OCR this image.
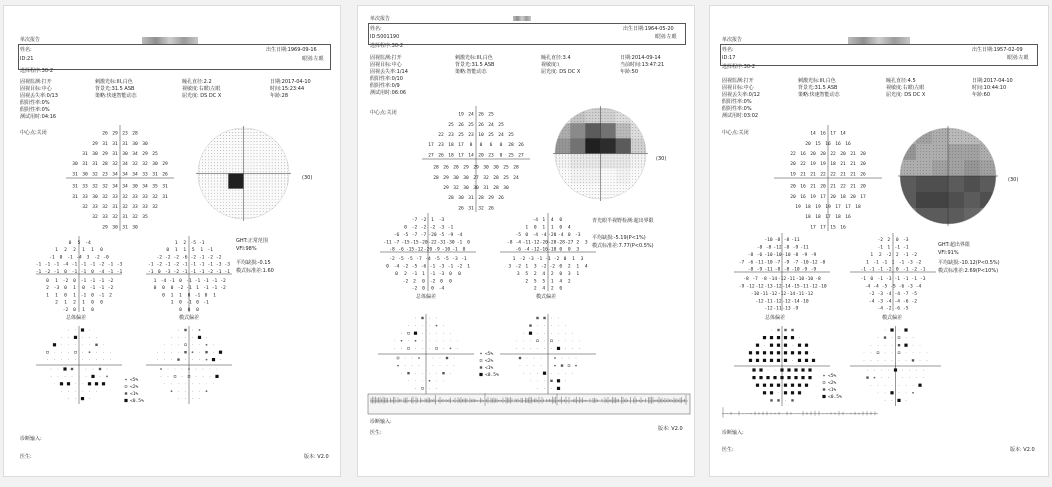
单次报告
姓名:
ID:21
出生日期:1969-09-16
眼别:左眼
选择程序:30-2
固视监测:打开
固视目标:中心
固视丢失率:0/13
假阳性率:0%
假阴性率:0%
测试用时:04:16
刺激光标:III,白色
背景光:31.5 ASB
策略:快速智能动态
瞳孔直径:2.2
视敏度:右眼\左眼
屈光度: DS DC X
日期:2017-04-10
时间:15:23:44
年龄:28
中心点:关闭	26 29 23 28
29 31 31 31 30 30
31 30 29 31 30 34 29 25
30 31 31 28 32 34 32 32 30 29
31 30 32 23 34 34 34 33 31 26
31 33 32 32 34 34 30 34 35 31
31 33 30 32 33 32 33 33 32 31
32 33 32 31 32 33 33 32
32 33 32 31 32 35
29 30 31 30
(30)
0 5 -4
1 2 2 1 1 0
-1 0 -1 -4 3 -2 -0
-1 -1 -1 -4 -1 -1 -1 -2 -1 -3
-1 -2 -1 0 -1 -1 0 -4 -1 -1
0 1 -2 0 -1 -1 -1 -2
2 -3 0 1 0 -1 -1 -2
1 1 0 1 -1 0 -1 2
2 1 2 1 0 0
-2 0 1 0
总体偏差
1 2 -5 -1
0 1 1 5 1 -1
-2 -2 -2 -6 -2 -1 -2 -2
-1 -2 -1 -2 -1 -1 -1 -1 -3 -3
-1 0 -3 -2 -1 -1 -1 -2 -1 -1
1 -4 -1 0 -1 -1 -1 -1 -2
0 0 0 -2 -1 1 -1 -1 -2
0 1 1 0 -1 0 1
1 0 -1 0 -1
0 0 0
模式偏差
GHT:正常范围
VFI:98%
平均缺损:-0.15
模式标准差:1.60
<5%
<2%
<1%
<0.5%
诊断输入:
医生:	版本: V2.0
单次报告
姓名:
ID:5001190
出生日期:1964-05-20
眼别:左眼
选择程序:30-2
固视监测:打开
固视目标:中心
固视丢失率:1/14
假阳性率:0/10
假阴性率:0/9
测试用时:06:06
刺激光标:III,白色
背景光:31.5 ASB
策略:智能动态
瞳孔直径:3.4
视敏度:\
屈光度: DS DC X
日期:2014-09-14
当前时间:13:47:21
年龄:50
中心点:关闭	19 24 26 25
25 26 25 26 24 25
22 23 25 23 10 25 24 25
17 23 18 17 8 0 6 0 28 26
27 26 18 17 14 20 23 0 25 27
28 26 28 29 29 30 30 25 28
28 29 30 30 27 32 28 25 24
29 32 30 30 31 28 30
28 30 31 28 29 26
26 31 32 26
(30)
-7 -2 1 -3
0 -2 -2 -2 -3 -1
-6 -5 -7 -7 -20 -5 -9 -4
-11 -7 -15 -15 -20 -22 -31 -30 -1 0
-8 -6 -15 -12 -20 -9 -10 -1 0
-2 -5 -5 -7 -4 -5 -5 -3 -1
0 -4 -2 -5 -6 -1 -3 -1 -2 1
0 2 -1 1 -1 -3 0 0
-2 2 0 -2 0 0
-2 0 0 -4
总体偏差
-4 1 4 0
1 0 1 1 0 4
-5 0 -4 -4 -20 -4 0 -3
-8 -4 -11 -12 -20 -28 -28 -27 2 3
-6 -4 -12 -16 -10 0 0 3
1 -2 -3 -1 -1 -2 0 1 3
3 -2 1 3 -2 -2 0 2 1 4
3 5 2 4 2 0 3 1
2 5 5 1 4 2
2 4 2 0
模式偏差
青光眼半视野检测:超出界限
平均缺损:-5.19(P<1%)
模式标准差:7.77(P<0.5%)
<5%
<2%
<1%
<0.5%
诊断输入:
医生:
版本: V2.0
单次报告
姓名:
ID:17
出生日期:1957-02-09
眼别:左眼
选择程序:30-2
固视监测:打开
固视目标:中心
固视丢失率:0/12
假阳性率:0%
假阴性率:0%
测试用时:03:02
刺激光标:III,白色
背景光:31.5 ASB
策略:快速智能动态
瞳孔直径:4.5
视敏度:右眼\左眼
屈光度: DS DC X
日期:2017-04-10
时间:10:44:10
年龄:60
中心点:关闭	14 16 17 14
20 15 16 16 16
22 16 20 20 22 20 21 20
20 22 19 19 18 21 21 20
19 21 21 22 22 21 21 26
20 16 21 20 21 22 21 20
20 16 19 17 20 18 20 17
19 18 19 19 17 17 18
18 18 17 18 16
17 17 15 16
(30)
-10 -8 -8 -11
-8 -8 -12 -8 -9 -11
-8 -6 -10 -10 -10 -8 -9 -9
-7 -6 -11 -10 -7 -9 -7 -10 -12 -8
-8 -9 -11 -8 -8 -10 -9 -9
-8 -7 -8 -14 -12 -11 -10 -10 -8
-9 -12 -12 -13 -12 -14 -15 -11 -12 -10
-10 -11 -12 -12 -14 -11 -12
-12 -11 -12 -12 -14 -10
-12 -11 -13 -9
总体偏差
-2 2 0 -3
-1 1 -1 -1
1 2 -2 2 -1 -2
1 -1 -1 1 -1 -3 -2
-1 -1 -1 -2 0 -1 -2 -1
-1 0 -1 -3 -1 -1 -1 -3
-4 -4 -5 -5 -6 -3 -4
-2 -3 -4 -4 -7 -5
-4 -3 -4 -4 -6 -2
-4 -2 -6 -5
模式偏差
GHT:超出界限
VFI:91%
平均缺损:-10.12(P<0.5%)
模式标准差:2.69(P<10%)
<5%
<2%
<1%
<0.5%
诊断输入:
医生:	版本: V2.0
